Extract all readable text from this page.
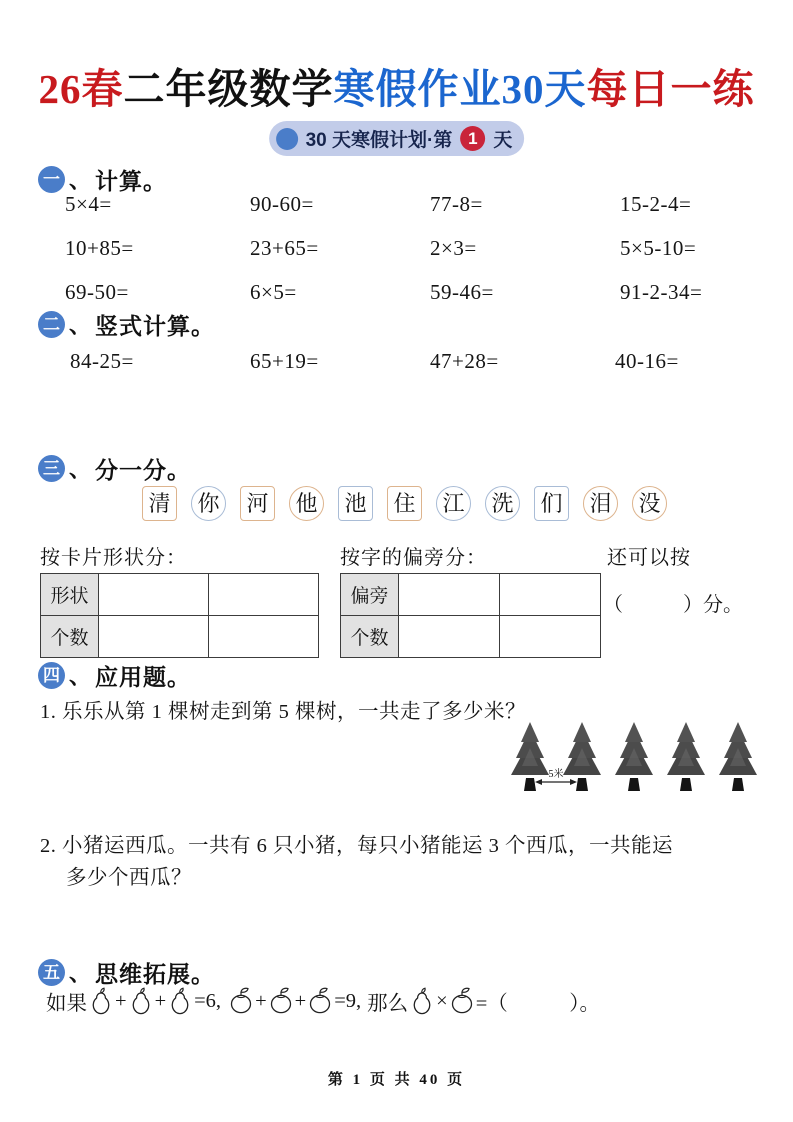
26春二年级数学寒假作业30天每日一练
30 天寒假计划·第 1 天
一 、 计算。
5×4=	90-60=	77-8=	15-2-4=
10+85=	23+65=	2×3=	5×5-10=
69-50=	6×5=	59-46=	91-2-34=
二 、 竖式计算。
84-25=	65+19=	47+28=	40-16=
三 、 分一分。
清 你 河 他 池 住 江 洗 们 泪 没
按卡片形状分：
形状		
个数		
按字的偏旁分：
偏旁		
个数		
还可以按
（　　　）分。
四 、 应用题。
1. 乐乐从第 1 棵树走到第 5 棵树，一共走了多少米？
5米
2. 小猪运西瓜。一共有 6 只小猪，每只小猪能运 3 个西瓜，一共能运
多少个西瓜？
五 、 思维拓展。
如果 + + =6, + + =9, 那么 × =（　　　）。
第 1 页 共 40 页
